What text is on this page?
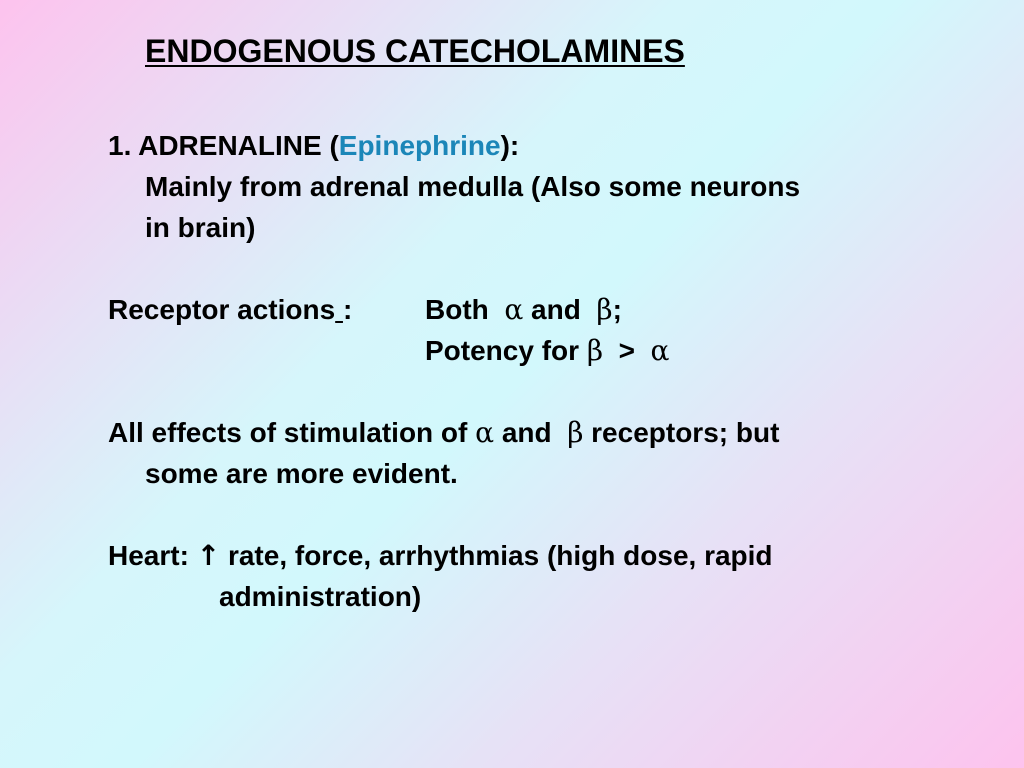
ENDOGENOUS CATECHOLAMINES
1. ADRENALINE (Epinephrine):
Mainly from adrenal medulla (Also some neurons
in brain)
Receptor actions :	Both α and β;
Potency for β > α
All effects of stimulation of α and β receptors; but
some are more evident.
Heart: ↑ rate, force, arrhythmias (high dose, rapid
administration)
